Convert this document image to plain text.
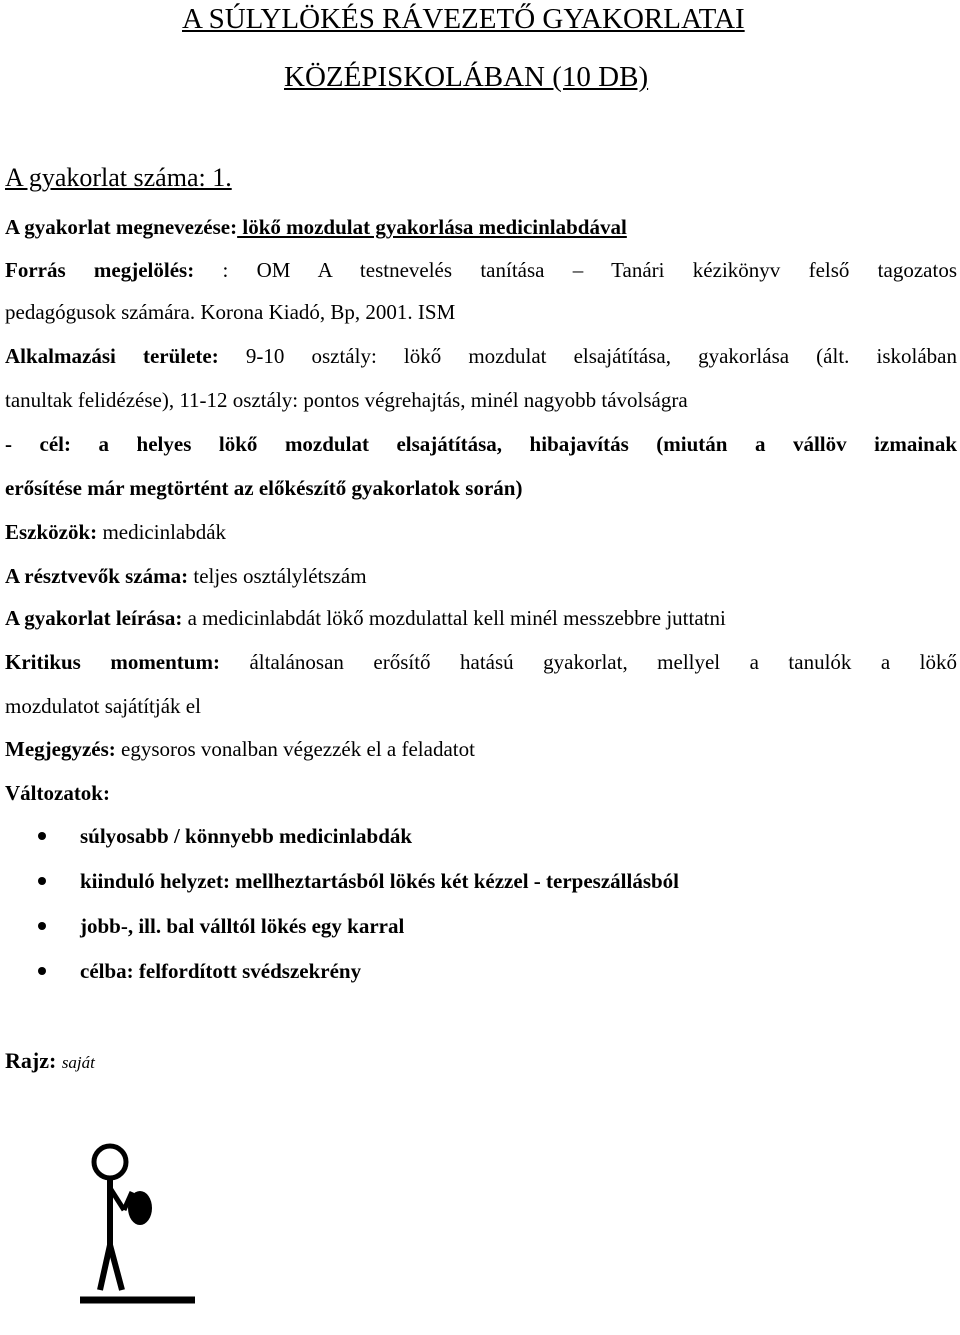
A SÚLYLÖKÉS RÁVEZETŐ GYAKORLATAI
KÖZÉPISKOLÁBAN (10 DB)
A gyakorlat száma: 1.
A gyakorlat megnevezése: lökő mozdulat gyakorlása medicinlabdával
Forrás megjelölés: : OM A testnevelés tanítása – Tanári kézikönyv felső tagozatos
pedagógusok számára. Korona Kiadó, Bp, 2001. ISM
Alkalmazási területe: 9-10 osztály: lökő mozdulat elsajátítása, gyakorlása (ált. iskolában
tanultak felidézése), 11-12 osztály: pontos végrehajtás, minél nagyobb távolságra
- cél: a helyes lökő mozdulat elsajátítása, hibajavítás (miután a vállöv izmainak
erősítése már megtörtént az előkészítő gyakorlatok során)
Eszközök: medicinlabdák
A résztvevők száma: teljes osztálylétszám
A gyakorlat leírása: a medicinlabdát lökő mozdulattal kell minél messzebbre juttatni
Kritikus momentum: általánosan erősítő hatású gyakorlat, mellyel a tanulók a lökő
mozdulatot sajátítják el
Megjegyzés: egysoros vonalban végezzék el a feladatot
Változatok:
súlyosabb / könnyebb medicinlabdák
kiinduló helyzet: mellheztartásból lökés két kézzel - terpeszállásból
jobb-, ill. bal válltól lökés egy karral
célba: felfordított svédszekrény
Rajz: saját
